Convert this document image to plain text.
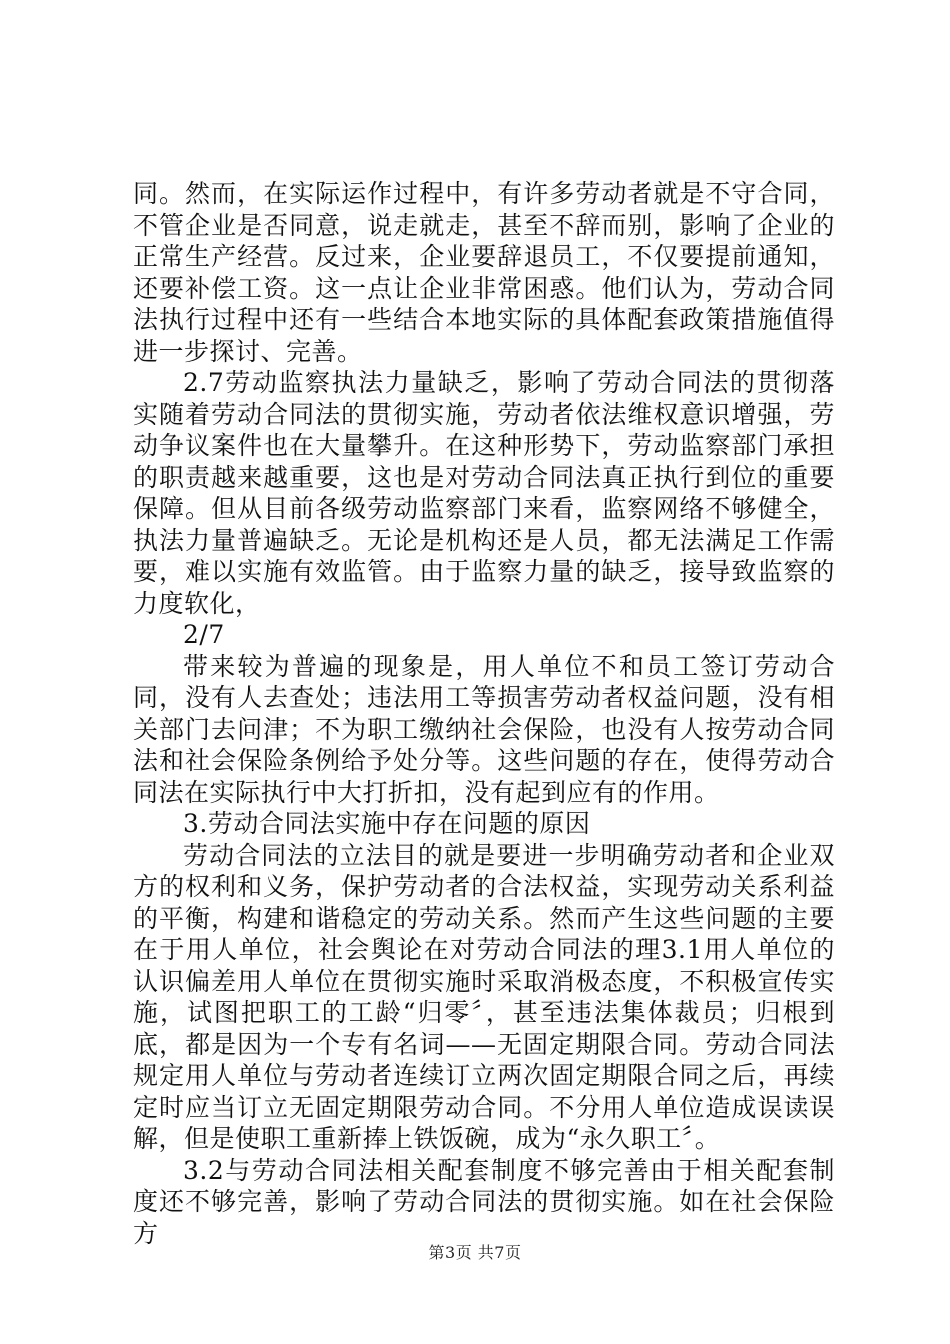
同。然而，在实际运作过程中，有许多劳动者就是不守合同，不管企业是否同意，说走就走，甚至不辞而别，影响了企业的正常生产经营。反过来，企业要辞退员工，不仅要提前通知，还要补偿工资。这一点让企业非常困惑。他们认为，劳动合同法执行过程中还有一些结合本地实际的具体配套政策措施值得进一步探讨、完善。

2.7劳动监察执法力量缺乏，影响了劳动合同法的贯彻落实随着劳动合同法的贯彻实施，劳动者依法维权意识增强，劳动争议案件也在大量攀升。在这种形势下，劳动监察部门承担的职责越来越重要，这也是对劳动合同法真正执行到位的重要保障。但从目前各级劳动监察部门来看，监察网络不够健全，执法力量普遍缺乏。无论是机构还是人员，都无法满足工作需要，难以实施有效监管。由于监察力量的缺乏，接导致监察的力度软化，

2/7

带来较为普遍的现象是，用人单位不和员工签订劳动合同，没有人去查处；违法用工等损害劳动者权益问题，没有相关部门去问津；不为职工缴纳社会保险，也没有人按劳动合同法和社会保险条例给予处分等。这些问题的存在，使得劳动合同法在实际执行中大打折扣，没有起到应有的作用。

3.劳动合同法实施中存在问题的原因

劳动合同法的立法目的就是要进一步明确劳动者和企业双方的权利和义务，保护劳动者的合法权益，实现劳动关系利益的平衡，构建和谐稳定的劳动关系。然而产生这些问题的主要在于用人单位，社会舆论在对劳动合同法的理3.1用人单位的认识偏差用人单位在贯彻实施时采取消极态度，不积极宣传实施，试图把职工的工龄“归零〞，甚至违法集体裁员；归根到底，都是因为一个专有名词——无固定期限合同。劳动合同法规定用人单位与劳动者连续订立两次固定期限合同之后，再续定时应当订立无固定期限劳动合同。不分用人单位造成误读误解，但是使职工重新捧上铁饭碗，成为“永久职工〞。

3.2与劳动合同法相关配套制度不够完善由于相关配套制度还不够完善，影响了劳动合同法的贯彻实施。如在社会保险方

第3页 共7页
